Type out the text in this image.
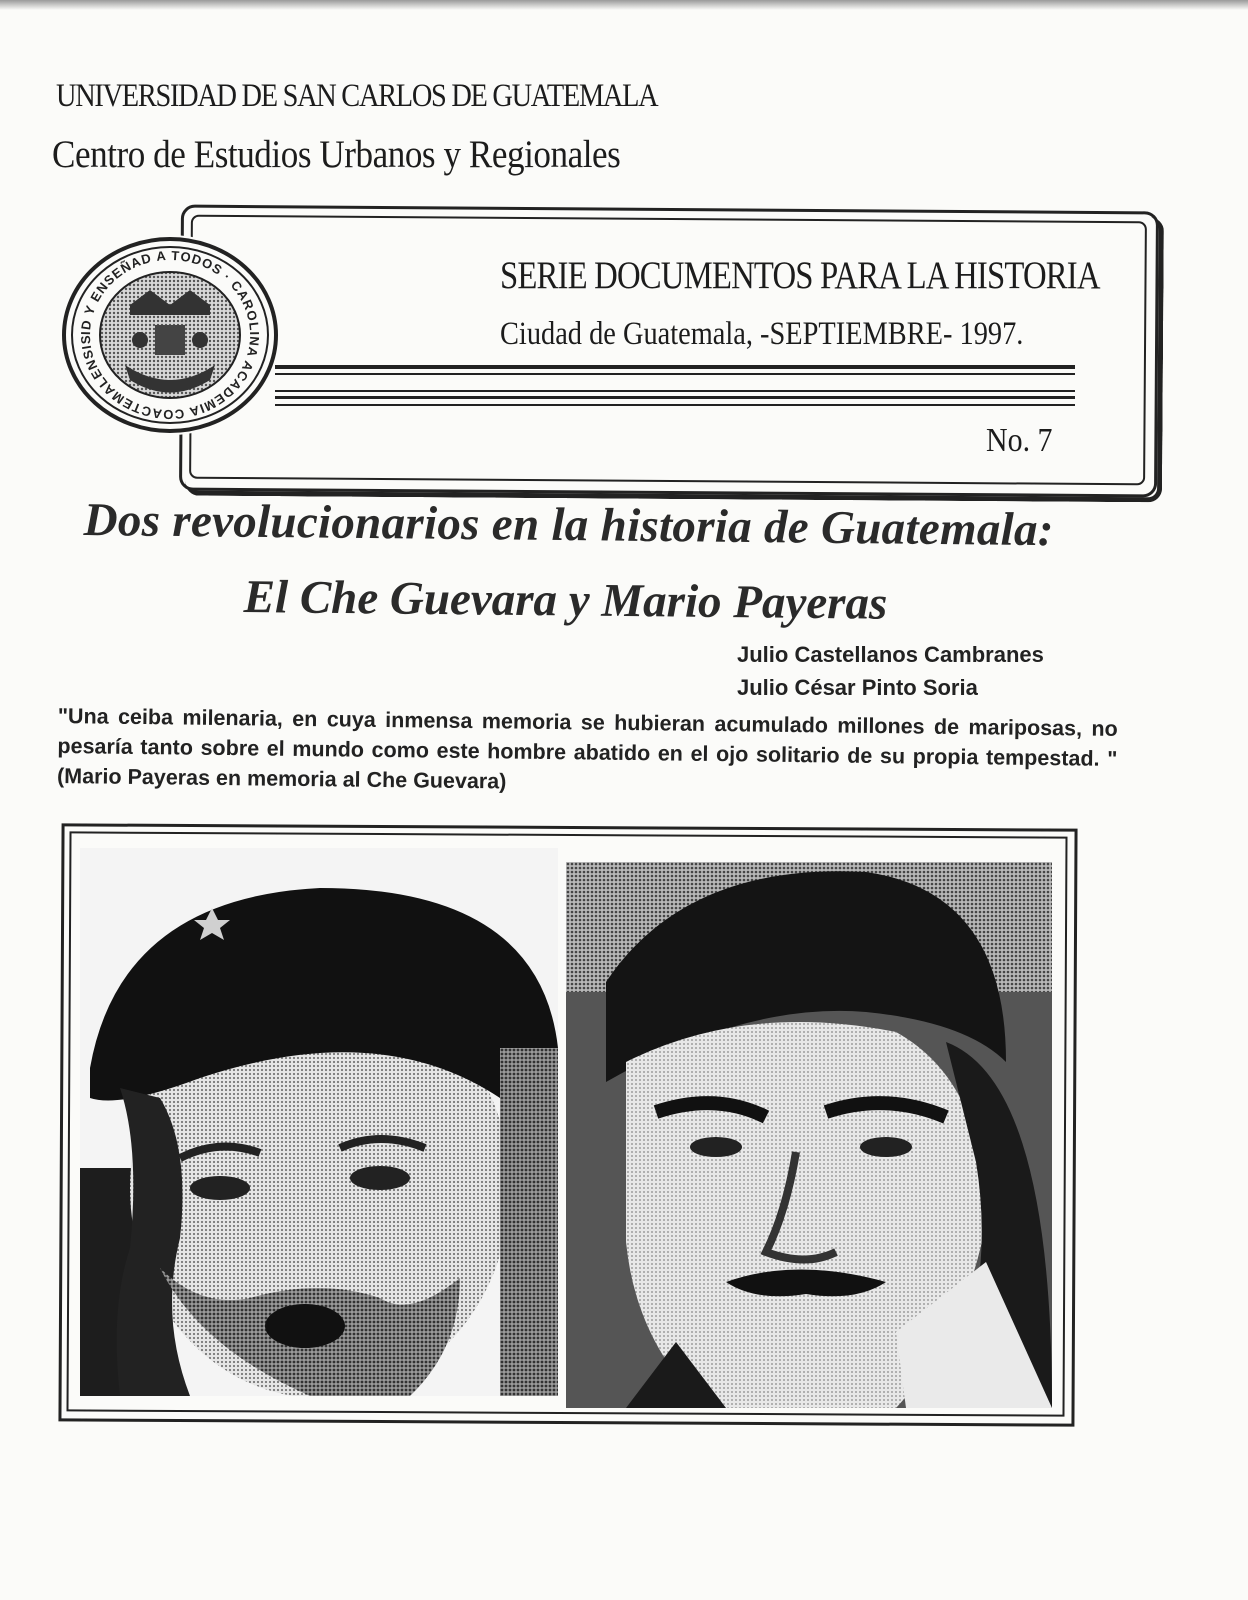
UNIVERSIDAD DE SAN CARLOS DE GUATEMALA
Centro de Estudios Urbanos y Regionales
ID Y ENSEÑAD A TODOS · CAROLINA ACADEMIA COACTEMALENSIS
SERIE DOCUMENTOS PARA LA HISTORIA
Ciudad de Guatemala, -SEPTIEMBRE- 1997.
No. 7
Dos revolucionarios en la historia de Guatemala:
El Che Guevara y Mario Payeras
Julio Castellanos Cambranes
Julio César Pinto Soria
"Una ceiba milenaria, en cuya inmensa memoria se hubieran acumulado millones de mariposas, no pesaría tanto sobre el mundo como este hombre abatido en el ojo solitario de su propia tempestad. " (Mario Payeras en memoria al Che Guevara)
